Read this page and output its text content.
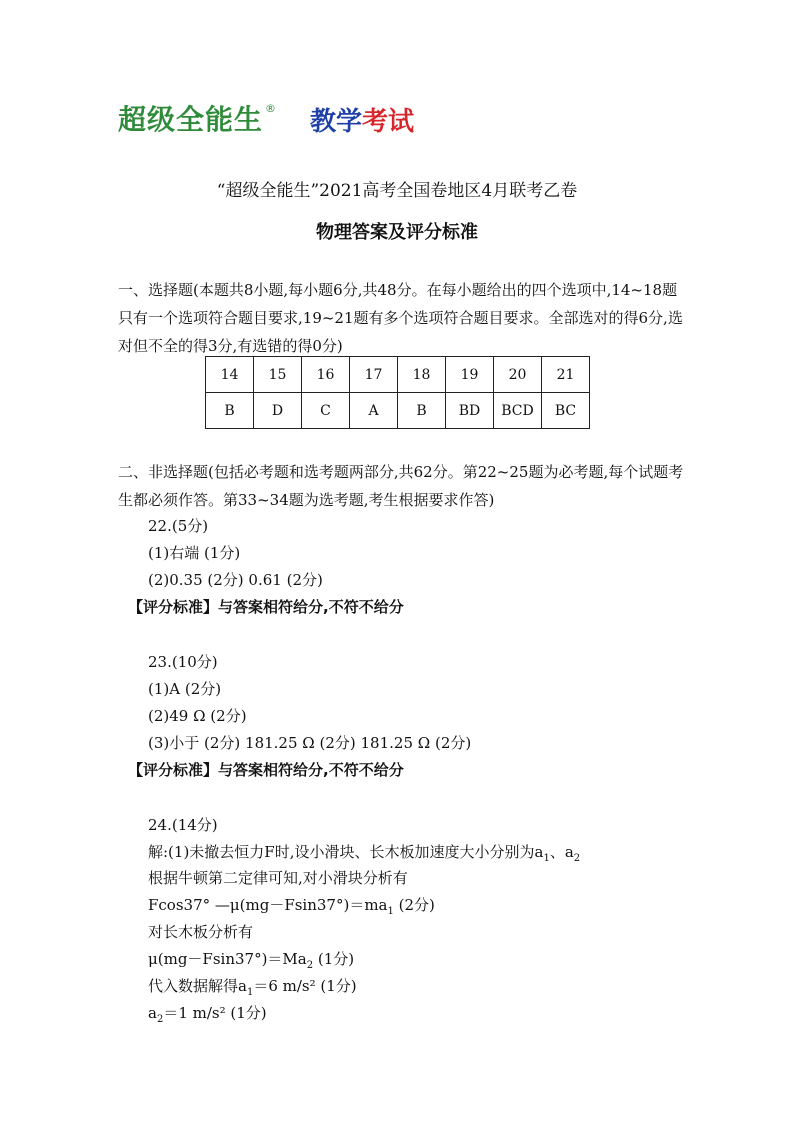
超级全能生 ® 教学 考试
“超级全能生”2021高考全国卷地区4月联考乙卷
物理答案及评分标准

一、选择题(本题共8小题,每小题6分,共48分。在每小题给出的四个选项中,14~18题只有一个选项符合题目要求,19~21题有多个选项符合题目要求。全部选对的得6分,选对但不全的得3分,有选错的得0分)

14	15	16	17	18	19	20	21
B	D	C	A	B	BD	BCD	BC

二、非选择题(包括必考题和选考题两部分,共62分。第22~25题为必考题,每个试题考生都必须作答。第33~34题为选考题,考生根据要求作答)

22.(5分)

(1)右端 (1分)

(2)0.35 (2分) 0.61 (2分)

【评分标准】与答案相符给分,不符不给分

23.(10分)

(1)A (2分)

(2)49 Ω (2分)

(3)小于 (2分) 181.25 Ω (2分) 181.25 Ω (2分)

【评分标准】与答案相符给分,不符不给分

24.(14分)

解:(1)未撤去恒力F时,设小滑块、长木板加速度大小分别为$a_1$、$a_2$

根据牛顿第二定律可知,对小滑块分析有

Fcos37° $—\mu(mg-Fsin37^\circ)=ma_1$ (2分)

对长木板分析有

$\mu(mg-Fsin37^\circ)=Ma_2$ (1分)

代入数据解得$a_1=6$ m/s² (1分)

$a_2=1$ m/s² (1分)
